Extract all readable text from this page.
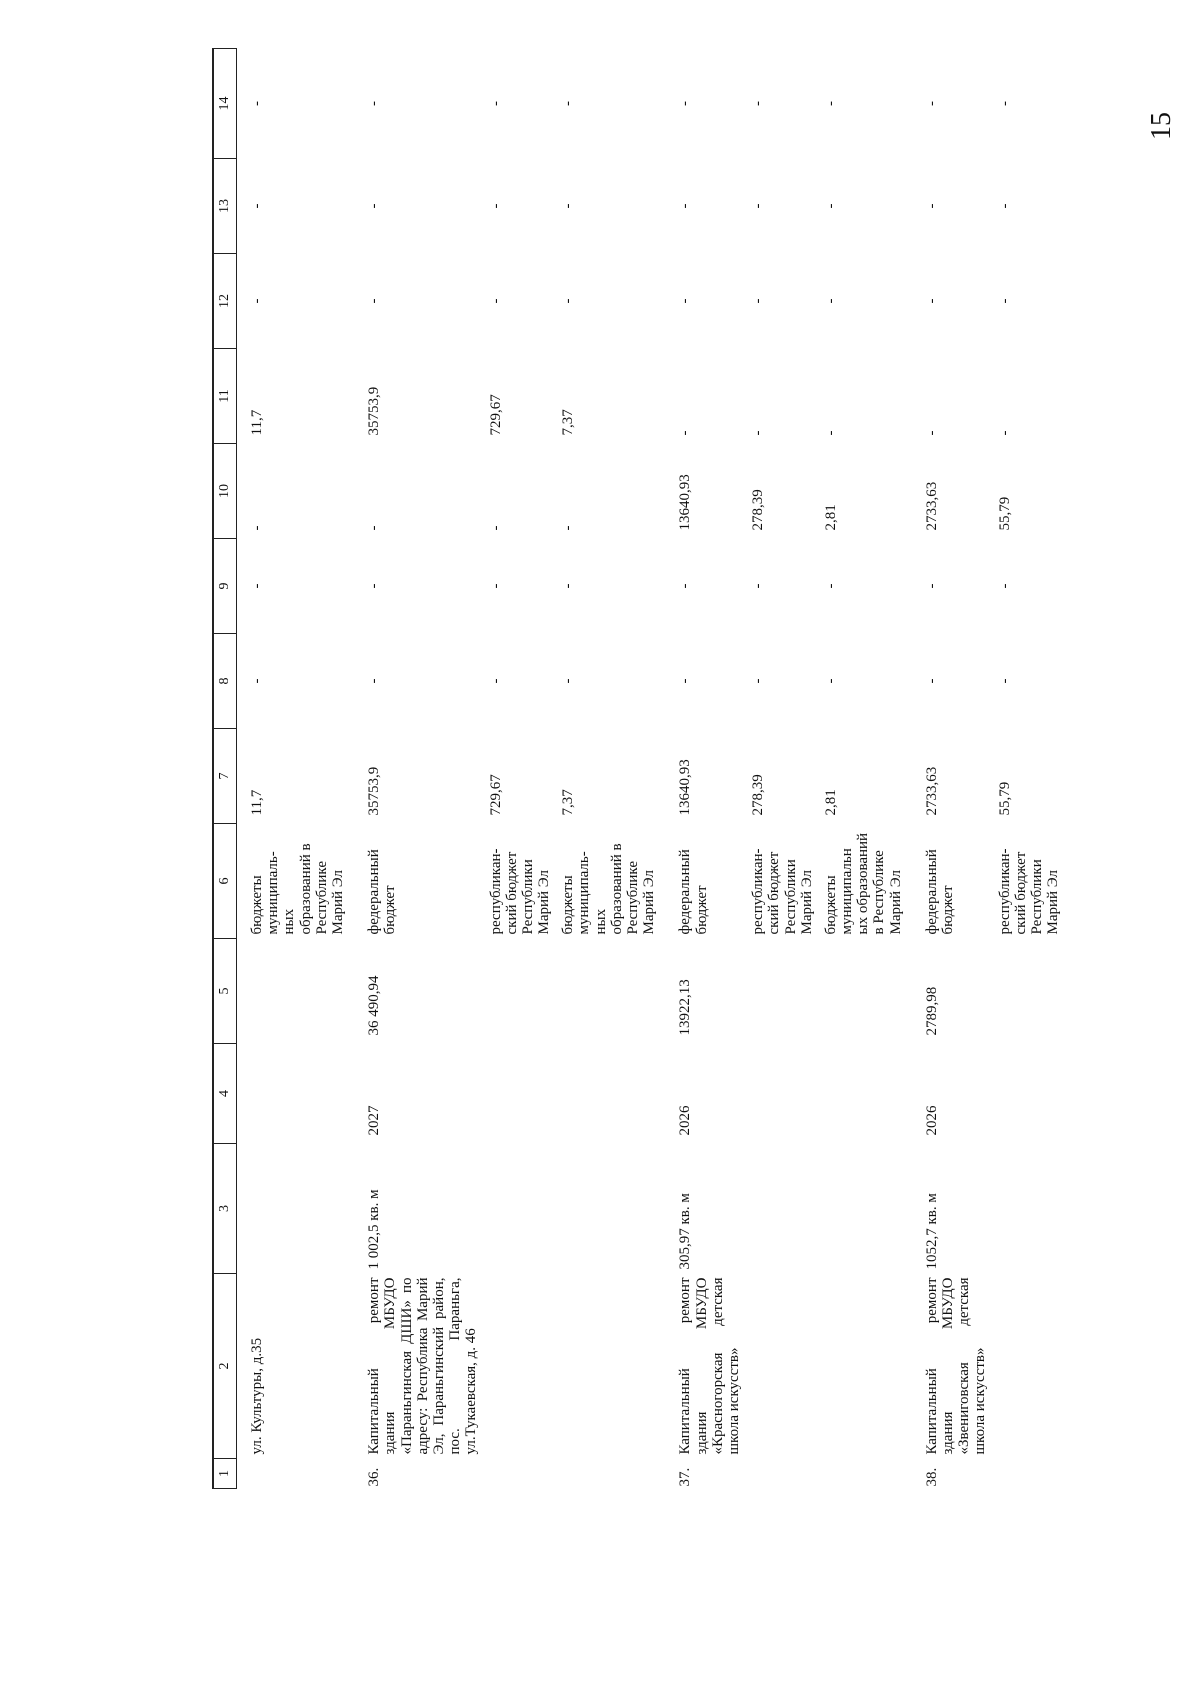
15
1	2	3	4	5	6	7	8	9	10	11	12	13	14
	ул. Культуры, д.35				бюджеты муниципаль-ных образований в Республике Марий Эл	11,7	-	-	-	11,7	-	-	-
36.	Капитальный ремонт здания МБУДО «Параньгинская ДШИ» по адресу: Республика Марий Эл, Параньгинский район, пос. Параньга, ул.Тукаевская, д. 46	1 002,5 кв. м	2027	36 490,94	федеральный бюджет	35753,9	-	-	-	35753,9	-	-	-
					республикан-ский бюджет Республики Марий Эл	729,67	-	-	-	729,67	-	-	-
					бюджеты муниципаль-ных образований в Республике Марий Эл	7,37	-	-	-	7,37	-	-	-
37.	Капитальный ремонт здания МБУДО «Красногорская детская школа искусств»	305,97 кв. м	2026	13922,13	федеральный бюджет	13640,93	-	-	13640,93	-	-	-	-
					республикан-ский бюджет Республики Марий Эл	278,39	-	-	278,39	-	-	-	-
					бюджеты муниципальн ых образований в Республике Марий Эл	2,81	-	-	2,81	-	-	-	-
38.	Капитальный ремонт здания МБУДО «Звениговская детская школа искусств»	1052,7 кв. м	2026	2789,98	федеральный бюджет	2733,63	-	-	2733,63	-	-	-	-
					республикан-ский бюджет Республики Марий Эл	55,79	-	-	55,79	-	-	-	-
